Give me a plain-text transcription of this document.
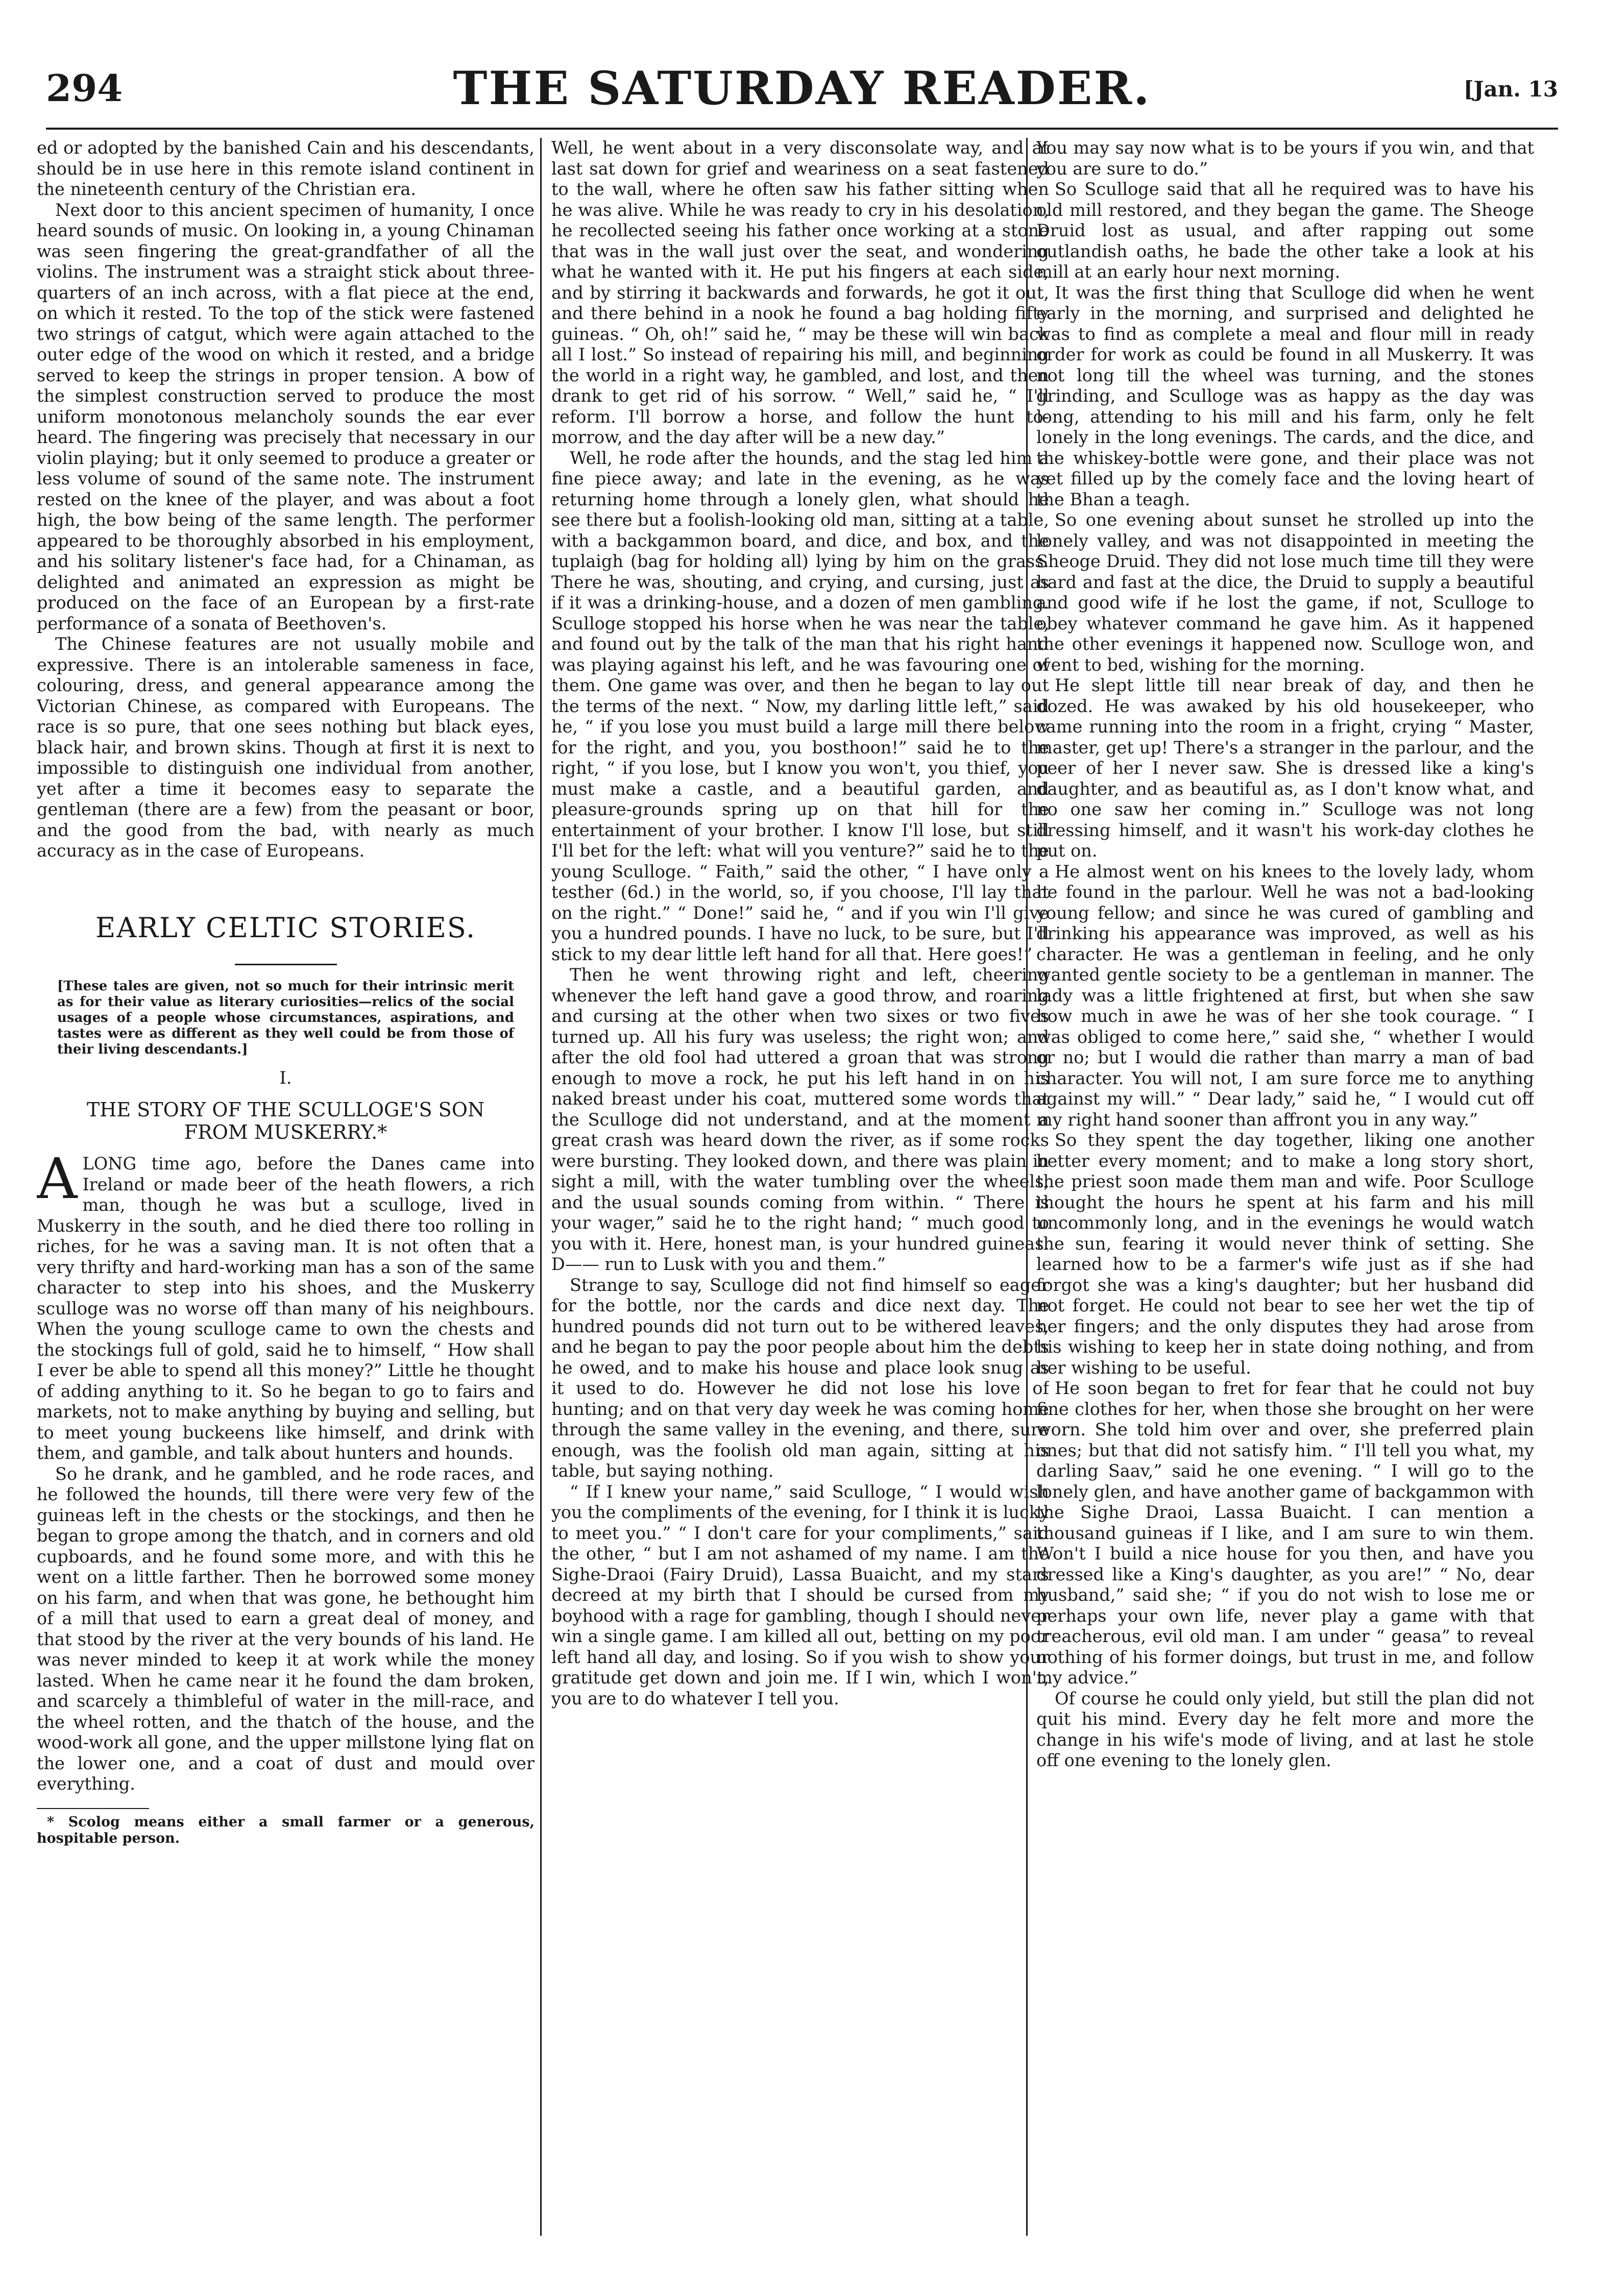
294	THE SATURDAY READER.	[Jan. 13

ed or adopted by the banished Cain and his descendants, should be in use here in this remote island continent in the nineteenth century of the Christian era.

Next door to this ancient specimen of humanity, I once heard sounds of music. On looking in, a young Chinaman was seen fingering the great-grandfather of all the violins. The instrument was a straight stick about three-quarters of an inch across, with a flat piece at the end, on which it rested. To the top of the stick were fastened two strings of catgut, which were again attached to the outer edge of the wood on which it rested, and a bridge served to keep the strings in proper tension. A bow of the simplest construction served to produce the most uniform monotonous melancholy sounds the ear ever heard. The fingering was precisely that necessary in our violin playing; but it only seemed to produce a greater or less volume of sound of the same note. The instrument rested on the knee of the player, and was about a foot high, the bow being of the same length. The performer appeared to be thoroughly absorbed in his employment, and his solitary listener's face had, for a Chinaman, as delighted and animated an expression as might be produced on the face of an European by a first-rate performance of a sonata of Beethoven's.

The Chinese features are not usually mobile and expressive. There is an intolerable sameness in face, colouring, dress, and general appearance among the Victorian Chinese, as compared with Europeans. The race is so pure, that one sees nothing but black eyes, black hair, and brown skins. Though at first it is next to impossible to distinguish one individual from another, yet after a time it becomes easy to separate the gentleman (there are a few) from the peasant or boor, and the good from the bad, with nearly as much accuracy as in the case of Europeans.

EARLY CELTIC STORIES.
[These tales are given, not so much for their intrinsic merit as for their value as literary curiosities—relics of the social usages of a people whose circumstances, aspirations, and tastes were as different as they well could be from those of their living descendants.]
I.
THE STORY OF THE SCULLOGE'S SON FROM MUSKERRY.*

ALONG time ago, before the Danes came into Ireland or made beer of the heath flowers, a rich man, though he was but a sculloge, lived in Muskerry in the south, and he died there too rolling in riches, for he was a saving man. It is not often that a very thrifty and hard-working man has a son of the same character to step into his shoes, and the Muskerry sculloge was no worse off than many of his neighbours. When the young sculloge came to own the chests and the stockings full of gold, said he to himself, “ How shall I ever be able to spend all this money?” Little he thought of adding anything to it. So he began to go to fairs and markets, not to make anything by buying and selling, but to meet young buckeens like himself, and drink with them, and gamble, and talk about hunters and hounds.

So he drank, and he gambled, and he rode races, and he followed the hounds, till there were very few of the guineas left in the chests or the stockings, and then he began to grope among the thatch, and in corners and old cupboards, and he found some more, and with this he went on a little farther. Then he borrowed some money on his farm, and when that was gone, he bethought him of a mill that used to earn a great deal of money, and that stood by the river at the very bounds of his land. He was never minded to keep it at work while the money lasted. When he came near it he found the dam broken, and scarcely a thimbleful of water in the mill-race, and the wheel rotten, and the thatch of the house, and the wood-work all gone, and the upper millstone lying flat on the lower one, and a coat of dust and mould over everything.

* Scolog means either a small farmer or a generous, hospitable person.

Well, he went about in a very disconsolate way, and at last sat down for grief and weariness on a seat fastened to the wall, where he often saw his father sitting when he was alive. While he was ready to cry in his desolation, he recollected seeing his father once working at a stone that was in the wall just over the seat, and wondering what he wanted with it. He put his fingers at each side, and by stirring it backwards and forwards, he got it out, and there behind in a nook he found a bag holding fifty guineas. “ Oh, oh!” said he, “ may be these will win back all I lost.” So instead of repairing his mill, and beginning the world in a right way, he gambled, and lost, and then drank to get rid of his sorrow. “ Well,” said he, “ I'll reform. I'll borrow a horse, and follow the hunt to-morrow, and the day after will be a new day.”

Well, he rode after the hounds, and the stag led him a fine piece away; and late in the evening, as he was returning home through a lonely glen, what should he see there but a foolish-looking old man, sitting at a table, with a backgammon board, and dice, and box, and the tuplaigh (bag for holding all) lying by him on the grass. There he was, shouting, and crying, and cursing, just as if it was a drinking-house, and a dozen of men gambling. Sculloge stopped his horse when he was near the table, and found out by the talk of the man that his right hand was playing against his left, and he was favouring one of them. One game was over, and then he began to lay out the terms of the next. “ Now, my darling little left,” said he, “ if you lose you must build a large mill there below for the right, and you, you bosthoon!” said he to the right, “ if you lose, but I know you won't, you thief, you must make a castle, and a beautiful garden, and pleasure-grounds spring up on that hill for the entertainment of your brother. I know I'll lose, but still I'll bet for the left: what will you venture?” said he to the young Sculloge. “ Faith,” said the other, “ I have only a testher (6d.) in the world, so, if you choose, I'll lay that on the right.” “ Done!” said he, “ and if you win I'll give you a hundred pounds. I have no luck, to be sure, but I'll stick to my dear little left hand for all that. Here goes!”

Then he went throwing right and left, cheering whenever the left hand gave a good throw, and roaring and cursing at the other when two sixes or two fives turned up. All his fury was useless; the right won; and after the old fool had uttered a groan that was strong enough to move a rock, he put his left hand in on his naked breast under his coat, muttered some words that the Sculloge did not understand, and at the moment a great crash was heard down the river, as if some rocks were bursting. They looked down, and there was plain in sight a mill, with the water tumbling over the wheels, and the usual sounds coming from within. “ There is your wager,” said he to the right hand; “ much good to you with it. Here, honest man, is your hundred guineas. D—— run to Lusk with you and them.”

Strange to say, Sculloge did not find himself so eager for the bottle, nor the cards and dice next day. The hundred pounds did not turn out to be withered leaves, and he began to pay the poor people about him the debts he owed, and to make his house and place look snug as it used to do. However he did not lose his love of hunting; and on that very day week he was coming home through the same valley in the evening, and there, sure enough, was the foolish old man again, sitting at his table, but saying nothing.

“ If I knew your name,” said Sculloge, “ I would wish you the compliments of the evening, for I think it is lucky to meet you.” “ I don't care for your compliments,” said the other, “ but I am not ashamed of my name. I am the Sighe-Draoi (Fairy Druid), Lassa Buaicht, and my stars decreed at my birth that I should be cursed from my boyhood with a rage for gambling, though I should never win a single game. I am killed all out, betting on my poor left hand all day, and losing. So if you wish to show your gratitude get down and join me. If I win, which I won't, you are to do whatever I tell you.

You may say now what is to be yours if you win, and that you are sure to do.”

So Sculloge said that all he required was to have his old mill restored, and they began the game. The Sheoge Druid lost as usual, and after rapping out some outlandish oaths, he bade the other take a look at his mill at an early hour next morning.

It was the first thing that Sculloge did when he went early in the morning, and surprised and delighted he was to find as complete a meal and flour mill in ready order for work as could be found in all Muskerry. It was not long till the wheel was turning, and the stones grinding, and Sculloge was as happy as the day was long, attending to his mill and his farm, only he felt lonely in the long evenings. The cards, and the dice, and the whiskey-bottle were gone, and their place was not yet filled up by the comely face and the loving heart of the Bhan a teagh.

So one evening about sunset he strolled up into the lonely valley, and was not disappointed in meeting the Sheoge Druid. They did not lose much time till they were hard and fast at the dice, the Druid to supply a beautiful and good wife if he lost the game, if not, Sculloge to obey whatever command he gave him. As it happened the other evenings it happened now. Sculloge won, and went to bed, wishing for the morning.

He slept little till near break of day, and then he dozed. He was awaked by his old housekeeper, who came running into the room in a fright, crying “ Master, master, get up! There's a stranger in the parlour, and the peer of her I never saw. She is dressed like a king's daughter, and as beautiful as, as I don't know what, and no one saw her coming in.” Sculloge was not long dressing himself, and it wasn't his work-day clothes he put on.

He almost went on his knees to the lovely lady, whom he found in the parlour. Well he was not a bad-looking young fellow; and since he was cured of gambling and drinking his appearance was improved, as well as his character. He was a gentleman in feeling, and he only wanted gentle society to be a gentleman in manner. The lady was a little frightened at first, but when she saw how much in awe he was of her she took courage. “ I was obliged to come here,” said she, “ whether I would or no; but I would die rather than marry a man of bad character. You will not, I am sure force me to anything against my will.” “ Dear lady,” said he, “ I would cut off my right hand sooner than affront you in any way.”

So they spent the day together, liking one another better every moment; and to make a long story short, the priest soon made them man and wife. Poor Sculloge thought the hours he spent at his farm and his mill uncommonly long, and in the evenings he would watch the sun, fearing it would never think of setting. She learned how to be a farmer's wife just as if she had forgot she was a king's daughter; but her husband did not forget. He could not bear to see her wet the tip of her fingers; and the only disputes they had arose from his wishing to keep her in state doing nothing, and from her wishing to be useful.

He soon began to fret for fear that he could not buy fine clothes for her, when those she brought on her were worn. She told him over and over, she preferred plain ones; but that did not satisfy him. “ I'll tell you what, my darling Saav,” said he one evening. “ I will go to the lonely glen, and have another game of backgammon with the Sighe Draoi, Lassa Buaicht. I can mention a thousand guineas if I like, and I am sure to win them. Won't I build a nice house for you then, and have you dressed like a King's daughter, as you are!” “ No, dear husband,” said she; “ if you do not wish to lose me or perhaps your own life, never play a game with that treacherous, evil old man. I am under “ geasa” to reveal nothing of his former doings, but trust in me, and follow my advice.”

Of course he could only yield, but still the plan did not quit his mind. Every day he felt more and more the change in his wife's mode of living, and at last he stole off one evening to the lonely glen.
